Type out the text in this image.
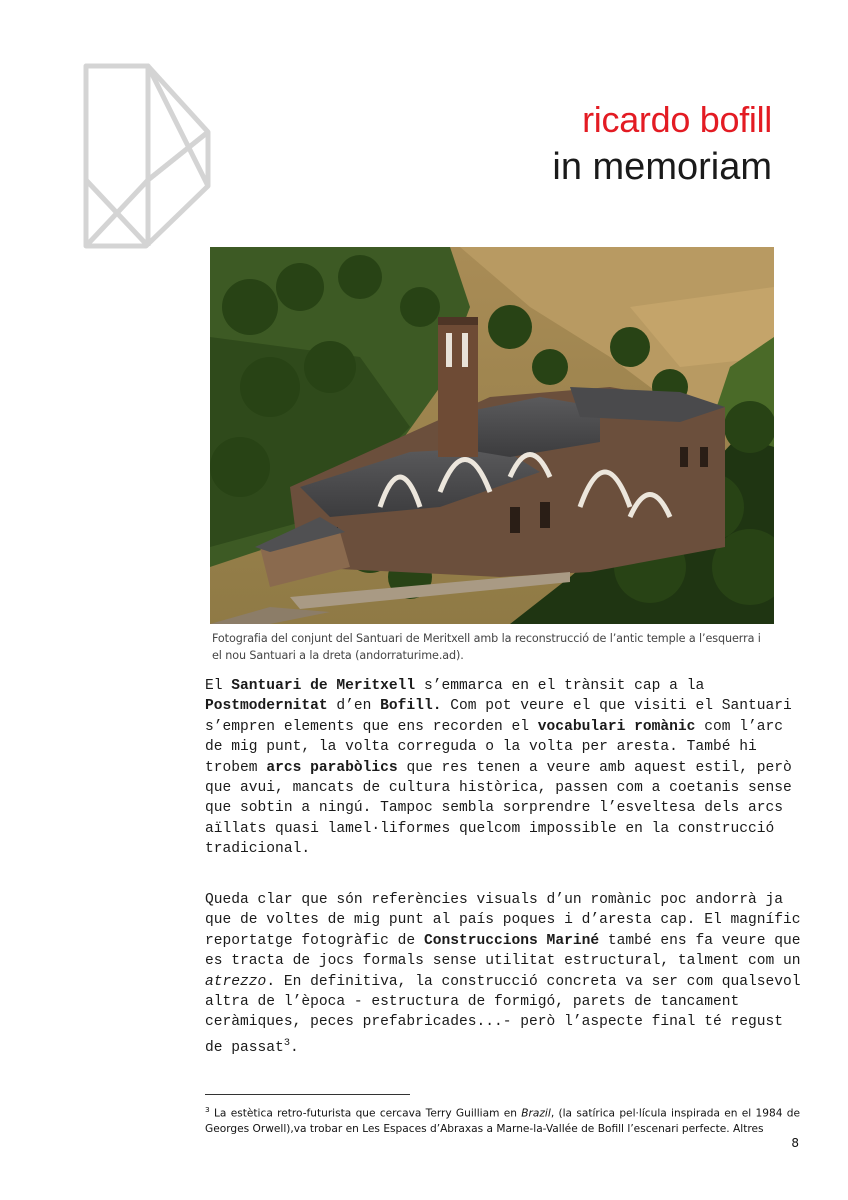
ricardo bofill
in memoriam
Fotografia del conjunt del Santuari de Meritxell amb la reconstrucció de l’antic temple a l’esquerra i el nou Santuari a la dreta (andorraturime.ad).
El Santuari de Meritxell s’emmarca en el trànsit cap a la Postmodernitat d’en Bofill. Com pot veure el que visiti el Santuari s’empren elements que ens recorden el vocabulari romànic com l’arc de mig punt, la volta correguda o la volta per aresta. També hi trobem arcs parabòlics que res tenen a veure amb aquest estil, però que avui, mancats de cultura històrica, passen com a coetanis sense que sobtin a ningú. Tampoc sembla sorprendre l’esveltesa dels arcs aïllats quasi lamel·liformes quelcom impossible en la construcció tradicional.
Queda clar que són referències visuals d’un romànic poc andorrà ja que de voltes de mig punt al país poques i d’aresta cap. El magnífic reportatge fotogràfic de Construccions Mariné també ens fa veure que es tracta de jocs formals sense utilitat estructural, talment com un atrezzo. En definitiva, la construcció concreta va ser com qualsevol altra de l’època - estructura de formigó, parets de tancament ceràmiques, peces prefabricades...- però l’aspecte final té regust de passat$^3$.
$^3$ La estètica retro-futurista que cercava Terry Guilliam en Brazil, (la satírica pel·lícula inspirada en el 1984 de Georges Orwell),va trobar en Les Espaces d’Abraxas a Marne-la-Vallée de Bofill l’escenari perfecte. Altres
8
